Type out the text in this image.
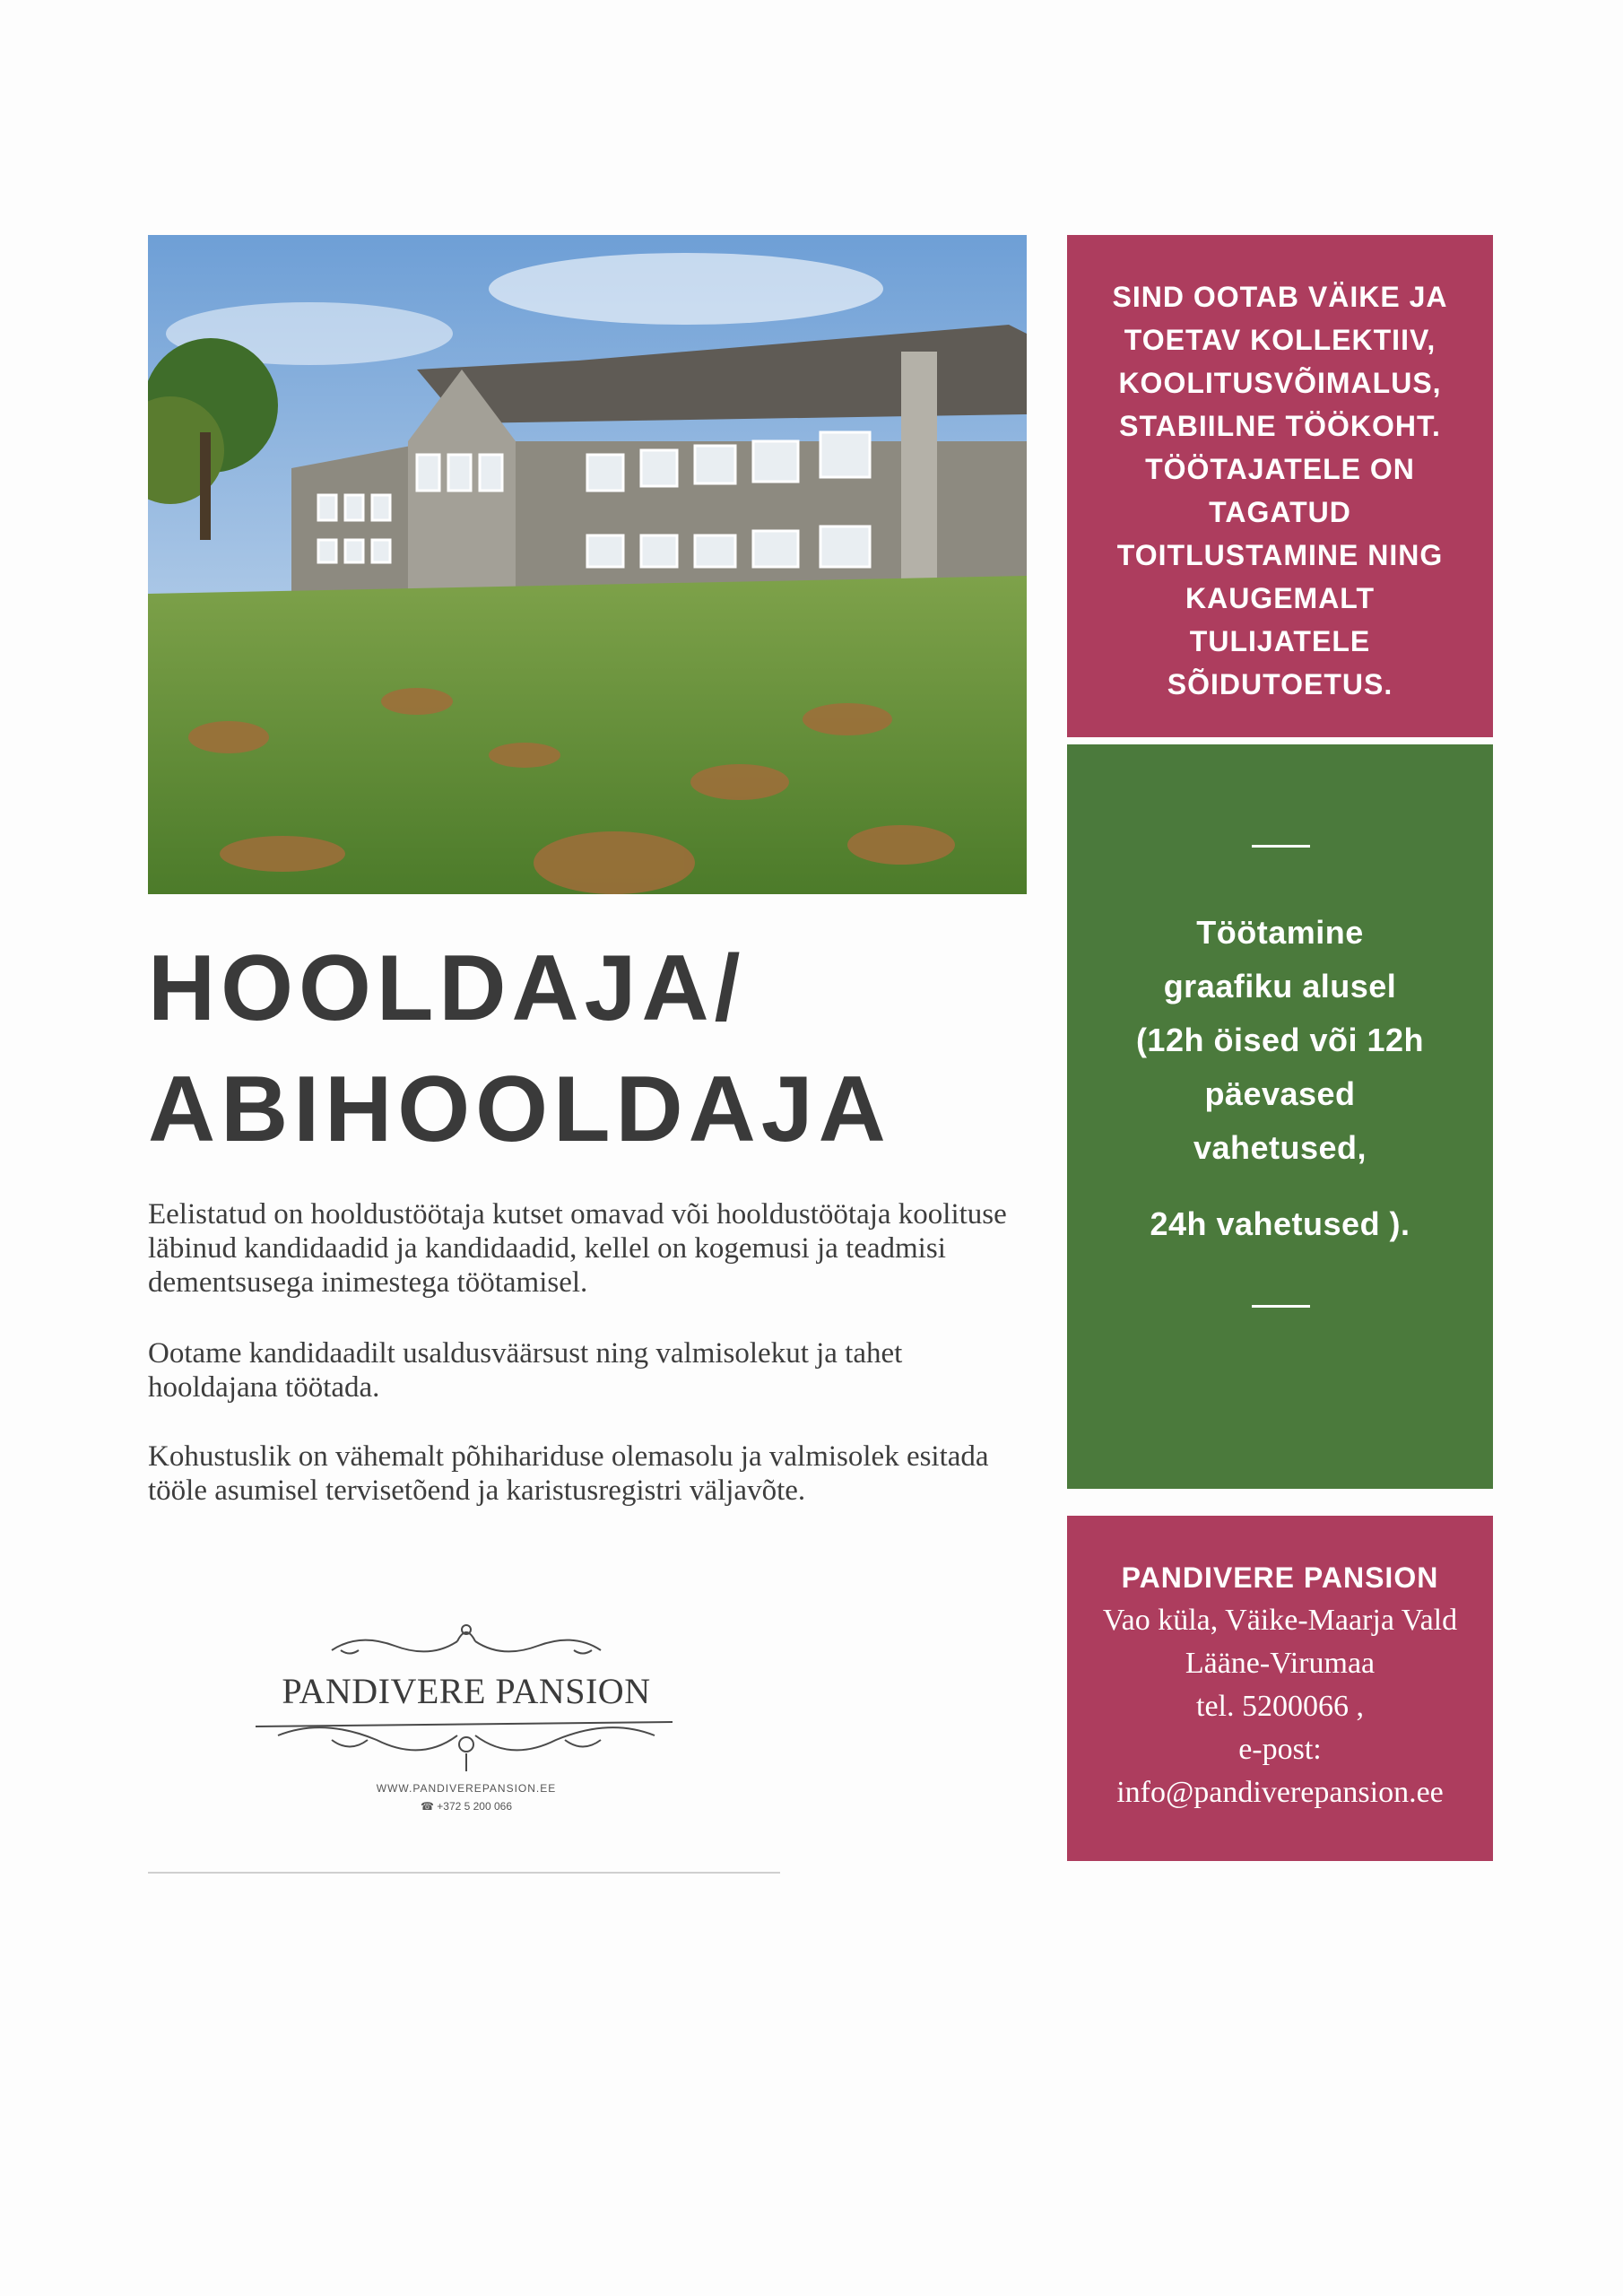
SIND OOTAB VÄIKE JA
TOETAV KOLLEKTIIV,
KOOLITUSVÕIMALUS,
STABIILNE TÖÖKOHT.
TÖÖTAJATELE ON
TAGATUD
TOITLUSTAMINE NING
KAUGEMALT
TULIJATELE
SÕIDUTOETUS.
Töötamine
graafiku alusel
(12h öised või 12h
päevased
vahetused,
24h vahetused ).
HOOLDAJA/
ABIHOOLDAJA
Eelistatud on hooldustöötaja kutset omavad või hooldustöötaja koolituse läbinud kandidaadid ja kandidaadid, kellel on kogemusi ja teadmisi dementsusega inimestega töötamisel.
Ootame kandidaadilt usaldusväärsust ning valmisolekut ja tahet hooldajana töötada.
Kohustuslik on vähemalt põhihariduse olemasolu ja valmisolek esitada tööle asumisel tervisetõend ja karistusregistri väljavõte.
PANDIVERE PANSION
WWW.PANDIVEREPANSION.EE
☎ +372 5 200 066
PANDIVERE PANSION
Vao küla, Väike-Maarja Vald
Lääne-Virumaa
tel. 5200066 ,
e-post:
info@pandiverepansion.ee
